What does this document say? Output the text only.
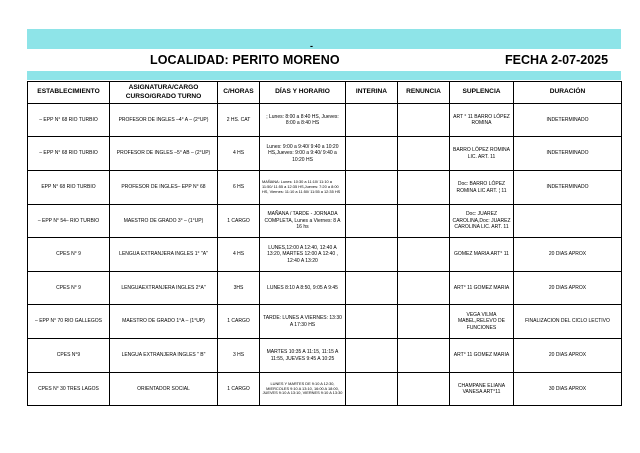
-
LOCALIDAD: PERITO MORENO	FECHA 2-07-2025
ESTABLECIMIENTO	ASIGNATURA/CARGO CURSO/GRADO TURNO	C/HORAS	DÍAS Y HORARIO	INTERINA	RENUNCIA	SUPLENCIA	DURACIÓN
– EPP N° 68 RIO TURBIO	PROFESOR DE INGLES –4° A – (2°UP)	2 HS. CAT	; Lunes: 8:00 a 8:40 HS, Jueves: 8:00 a 8:40 HS			ART ° 11 BARRO LÓPEZ ROMINA	INDETERMINADO
– EPP N° 68 RIO TURBIO	PROFESOR DE INGLES –5° AB – (2°UP)	4 HS	Lunes: 9:00 a 9:40/ 9:40 a 10:20 HS,Jueves: 9:00 a 9:40/ 9:40 a 10:20 HS			BARRO LÓPEZ ROMINA LIC. ART. 11	INDETERMINADO
EPP N° 68 RIO TURBIO	PROFESOR DE INGLES– EPP N° 68	6 HS	MAÑANA: Lunes: 10:30 a 11:10/ 11:10 a 11:50/ 11:55 a 12:35 HS,Jueves: 7:20 a 8:00 HS, Viernes: 11:10 a 11:50/ 11:55 a 12:35 HS			Doc: BARRO LÓPEZ ROMINA LIC ART. ¦ 11	INDETERMINADO
– EPP N° 54– RIO TURBIO	MAESTRO DE GRADO 3° – (1°UP)	1 CARGO	MAÑANA / TARDE - JORNADA COMPLETA, Lunes a Viernes: 8 A 16 hs			Doc: JUAREZ CAROLINA,Doc: JUAREZ CAROLINA LIC. ART. 11	
CPES N° 9	LENGUA EXTRANJERA INGLES 1° "A"	4 HS	LUNES,12:00 A 12:40, 12:40 A 13:20, MARTES 12:00 A 12:40 , 12:40 A 13:20			GOMEZ MARIA ART° 11	20 DIAS APROX
CPES N° 9	LENGUAEXTRANJERA INGLES 2°A"	3HS	LUNES 8:10 A 8:50, 9:05 A 9:45			ART° 11 GOMEZ MARIA	20 DIAS APROX
– EPP N° 70 RIO GALLEGOS	MAESTRO DE GRADO 1°A – (1°UP)	1 CARGO	TARDE: LUNES A VIERNES: 13:30 A 17:30 HS			VEGA VILMA MABEL,RELEVO DE FUNCIONES	FINALIZACION DEL CICLO LECTIVO
CPES N°9	LENGUA EXTRANJERA INGLES " B"	3 HS	MARTES 10:35 A 11:15, 11:15 A 11:55, JUEVES 9:45 A 10:25			ART° 11 GOMEZ MARIA	20 DIAS APROX
CPES N° 30 TRES LAGOS	ORIENTADOR SOCIAL	1 CARGO	LUNES Y MARTES DE 9:10 A 12:30, MIERCOLES 9:10 A 13:10, 16:00 A 18:00, JUEVES 9:10 A 13:10, VIERNES 9:10 A 13:30			CHAMPANE ELIANA VANESA ART°11	30 DIAS APROX
